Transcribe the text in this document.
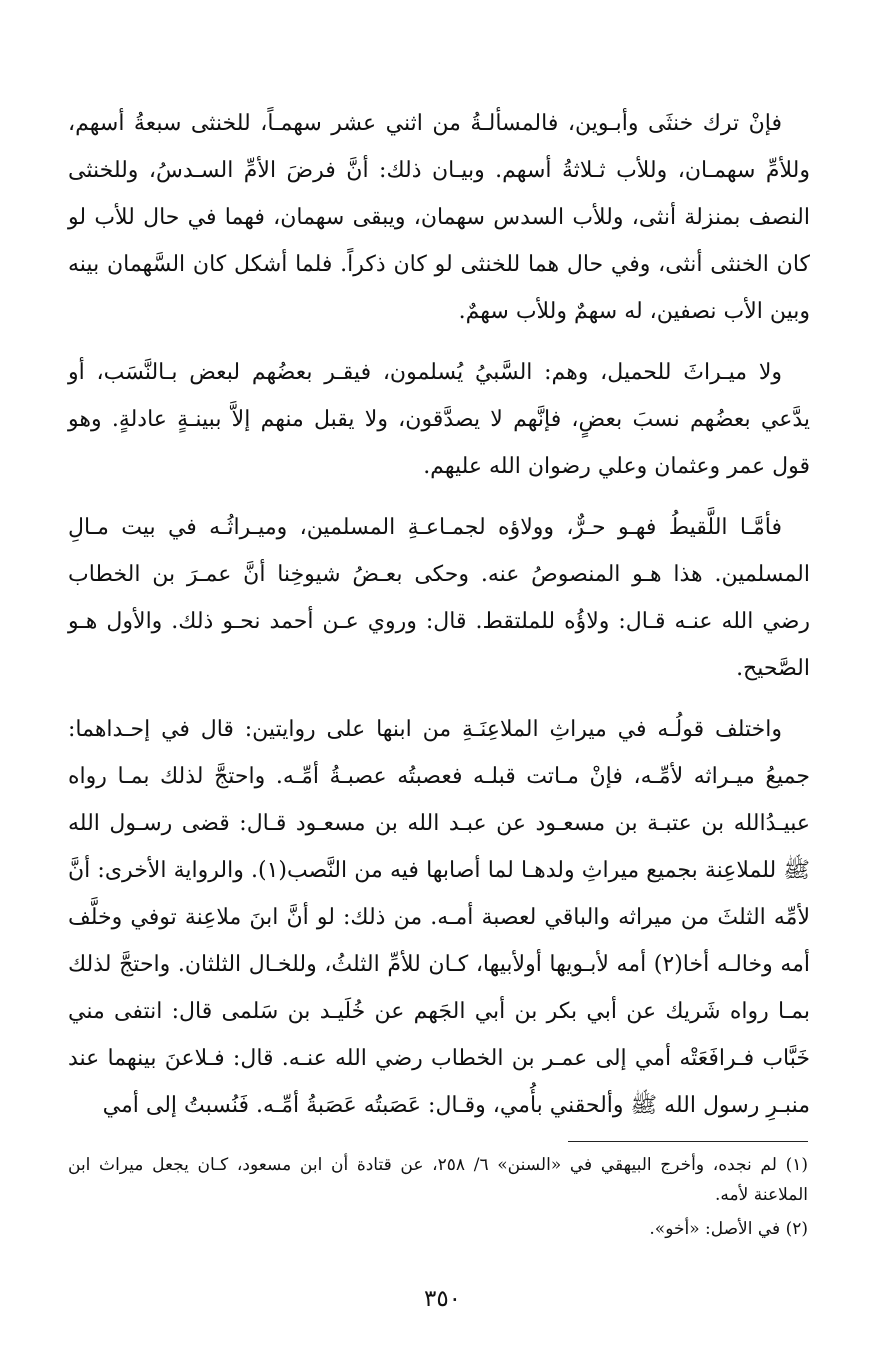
فإنْ ترك خنثَى وأبـوين، فالمسألـةُ من اثني عشر سهمـاً، للخنثى سبعةُ أسهم، وللأمِّ سهمـان، وللأب ثـلاثةُ أسهم. وبيـان ذلك: أنَّ فرضَ الأمِّ السـدسُ، وللخنثى النصف بمنزلة أنثى، وللأب السدس سهمان، ويبقى سهمان، فهما في حال للأب لو كان الخنثى أنثى، وفي حال هما للخنثى لو كان ذكراً. فلما أشكل كان السَّهمان بينه وبين الأب نصفين، له سهمٌ وللأب سهمٌ.

ولا ميـراثَ للحميل، وهم: السَّبيُ يُسلمون، فيقـر بعضُهم لبعض بـالنَّسَب، أو يدَّعي بعضُهم نسبَ بعضٍ، فإنَّهم لا يصدَّقون، ولا يقبل منهم إلاَّ ببينـةٍ عادلةٍ. وهو قول عمر وعثمان وعلي رضوان الله عليهم.

فأمَّـا اللَّقيطُ فهـو حـرٌّ، وولاؤه لجمـاعـةِ المسلمين، وميـراثُـه في بيت مـالِ المسلمين. هذا هـو المنصوصُ عنه. وحكى بعـضُ شيوخِنا أنَّ عمـرَ بن الخطاب رضي الله عنـه قـال: ولاؤُه للملتقط. قال: وروي عـن أحمد نحـو ذلك. والأول هـو الصَّحيح.

واختلف قولُـه في ميراثِ الملاعِنَـةِ من ابنها على روايتين: قال في إحـداهما: جميعُ ميـراثه لأمِّـه، فإنْ مـاتت قبلـه فعصبتُه عصبـةُ أمِّـه. واحتجَّ لذلك بمـا رواه عبيـدُالله بن عتبـة بن مسعـود عن عبـد الله بن مسعـود قـال: قضى رسـول الله ﷺ للملاعِنة بجميع ميراثِ ولدهـا لما أصابها فيه من النَّصب(١). والرواية الأخرى: أنَّ لأمِّه الثلثَ من ميراثه والباقي لعصبة أمـه. من ذلك: لو أنَّ ابنَ ملاعِنة توفي وخلَّف أمه وخالـه أخا(٢) أمه لأبـويها أولأبيها، كـان للأمِّ الثلثُ، وللخـال الثلثان. واحتجَّ لذلك بمـا رواه شَريك عن أبي بكر بن أبي الجَهم عن خُلَيـد بن سَلمى قال: انتفى مني خَبَّاب فـرافَعَتْه أمي إلى عمـر بن الخطاب رضي الله عنـه. قال: فـلاعنَ بينهما عند منبـرِ رسول الله ﷺ وألحقني بأُمي، وقـال: عَصَبتُه عَصَبةُ أمِّـه. فَنُسبتُ إلى أمي

(١) لم نجده، وأخرج البيهقي في «السنن» ٦/ ٢٥٨، عن قتادة أن ابن مسعود، كـان يجعل ميراث ابن الملاعنة لأمه.

(٢) في الأصل: «أخو».

٣٥٠
